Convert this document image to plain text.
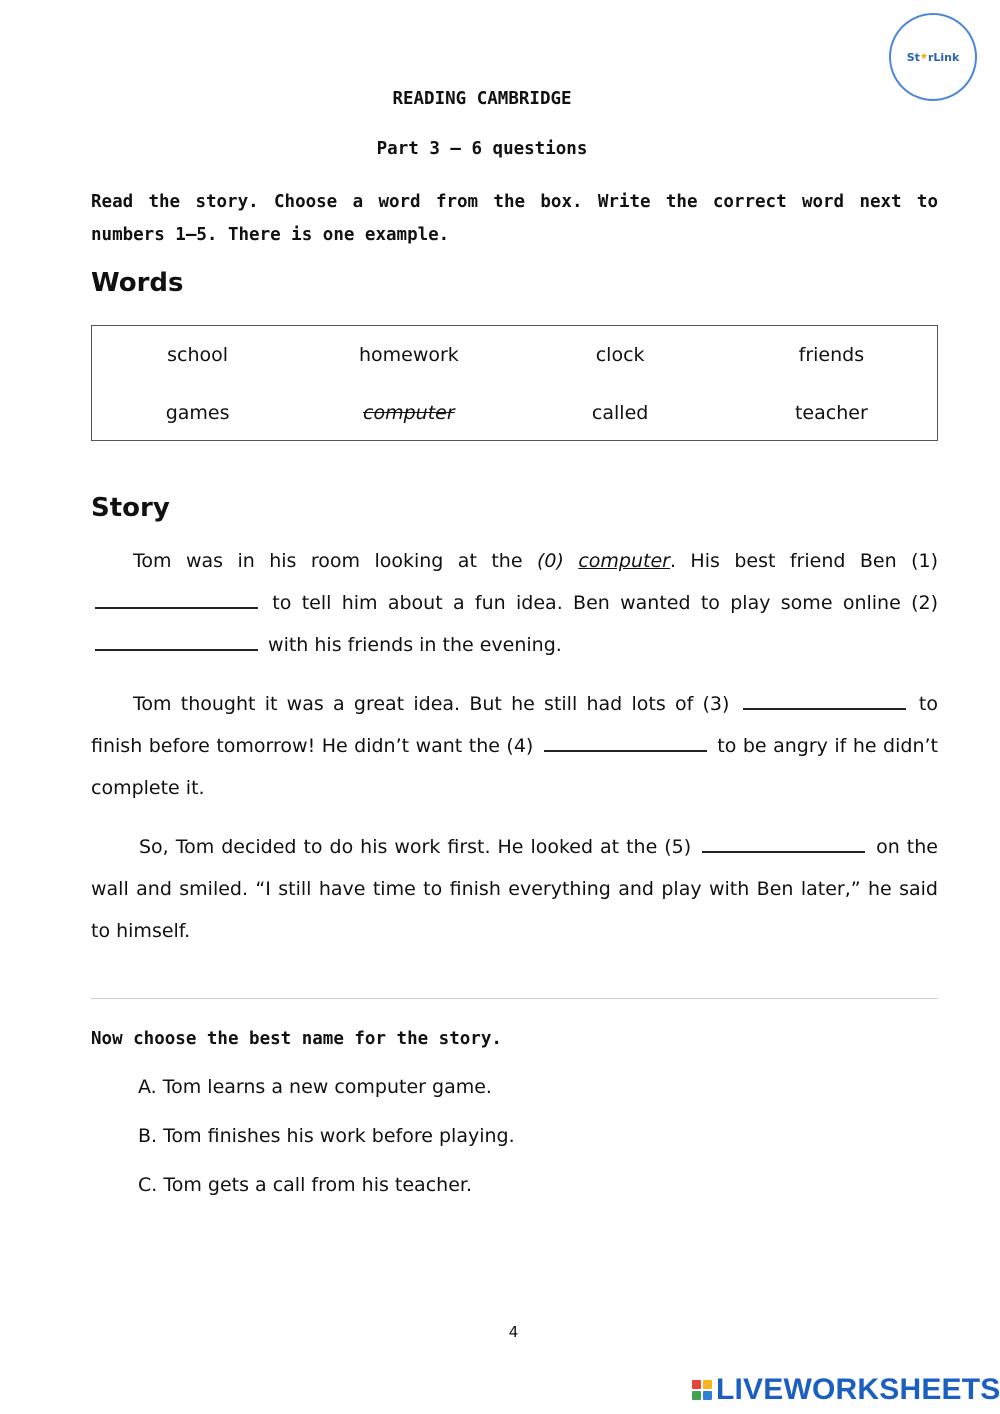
St ★ rLink
READING CAMBRIDGE
Part 3 – 6 questions
Read the story. Choose a word from the box. Write the correct word next to numbers 1–5. There is one example.
Words
school	homework	clock	friends
games	computer	called	teacher
Story
Tom was in his room looking at the (0) computer. His best friend Ben (1)  to tell him about a fun idea. Ben wanted to play some online (2)  with his friends in the evening.
Tom thought it was a great idea. But he still had lots of (3)	to finish before tomorrow! He didn’t want the (4)	to be angry if he didn’t complete it.
So, Tom decided to do his work first. He looked at the (5)	on the wall and smiled. “I still have time to finish everything and play with Ben later,” he said to himself.
Now choose the best name for the story.
A. Tom learns a new computer game.
B. Tom finishes his work before playing.
C. Tom gets a call from his teacher.
4
LIVEWORKSHEETS
